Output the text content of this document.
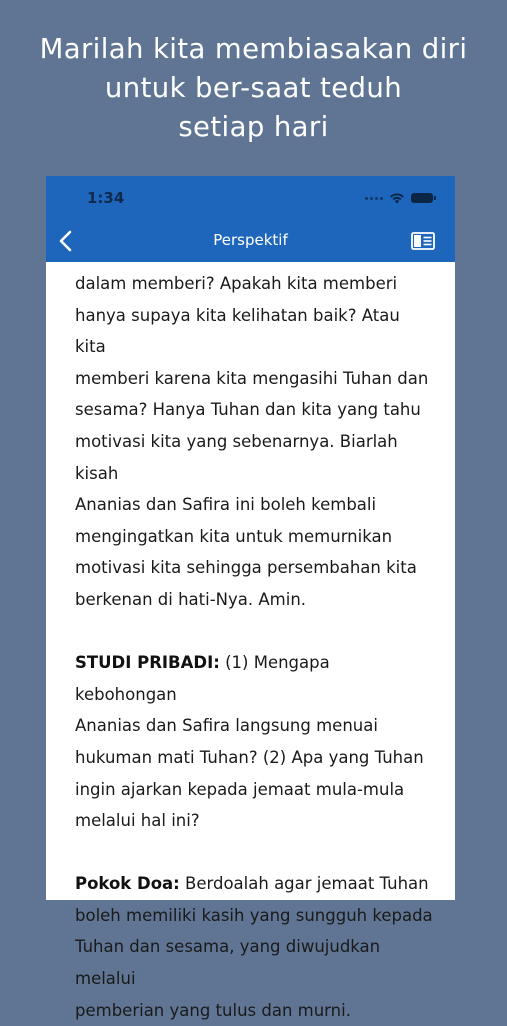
Marilah kita membiasakan diri
untuk ber-saat teduh
setiap hari
1:34
Perspektif

dalam memberi? Apakah kita memberi

hanya supaya kita kelihatan baik? Atau kita

memberi karena kita mengasihi Tuhan dan

sesama? Hanya Tuhan dan kita yang tahu

motivasi kita yang sebenarnya. Biarlah kisah

Ananias dan Safira ini boleh kembali

mengingatkan kita untuk memurnikan

motivasi kita sehingga persembahan kita

berkenan di hati-Nya. Amin.

STUDI PRIBADI: (1) Mengapa kebohongan

Ananias dan Safira langsung menuai

hukuman mati Tuhan? (2) Apa yang Tuhan

ingin ajarkan kepada jemaat mula-mula

melalui hal ini?

Pokok Doa: Berdoalah agar jemaat Tuhan

boleh memiliki kasih yang sungguh kepada

Tuhan dan sesama, yang diwujudkan melalui

pemberian yang tulus dan murni.
